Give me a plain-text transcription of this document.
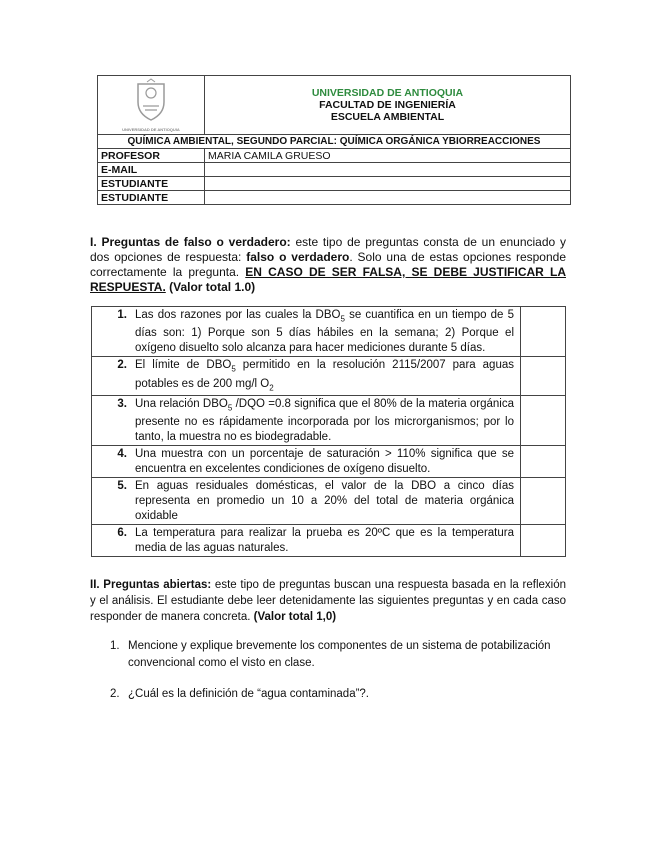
UNIVERSIDAD DE ANTIOQUIA	UNIVERSIDAD DE ANTIOQUIA
FACULTAD DE INGENIERÍA
ESCUELA AMBIENTAL

QUÍMICA AMBIENTAL, SEGUNDO PARCIAL: QUÍMICA ORGÁNICA YBIORREACCIONES	
PROFESOR	MARIA CAMILA GRUESO
E-MAIL	
ESTUDIANTE	
ESTUDIANTE	
I. Preguntas de falso o verdadero: este tipo de preguntas consta de un enunciado y dos opciones de respuesta: falso o verdadero. Solo una de estas opciones responde correctamente la pregunta. EN CASO DE SER FALSA, SE DEBE JUSTIFICAR LA RESPUESTA. (Valor total 1.0)
1.	Las dos razones por las cuales la $DBO_5$ se cuantifica en un tiempo de 5 días son: 1) Porque son 5 días hábiles en la semana; 2) Porque el oxígeno disuelto solo alcanza para hacer mediciones durante 5 días.	
2.	El límite de $DBO_5$ permitido en la resolución 2115/2007 para aguas potables es de 200 mg/l $O_2$	
3.	Una relación $DBO_5$ /DQO =0.8 significa que el 80% de la materia orgánica presente no es rápidamente incorporada por los microrganismos; por lo tanto, la muestra no es biodegradable.	
4.	Una muestra con un porcentaje de saturación > 110% significa que se encuentra en excelentes condiciones de oxígeno disuelto.	
5.	En aguas residuales domésticas, el valor de la DBO a cinco días representa en promedio un 10 a 20% del total de materia orgánica oxidable	
6.	La temperatura para realizar la prueba es 20ºC que es la temperatura media de las aguas naturales.	
II. Preguntas abiertas: este tipo de preguntas buscan una respuesta basada en la reflexión y el análisis. El estudiante debe leer detenidamente las siguientes preguntas y en cada caso responder de manera concreta. (Valor total 1,0)
1. Mencione y explique brevemente los componentes de un sistema de potabilización convencional como el visto en clase.
2. ¿Cuál es la definición de “agua contaminada”?.
